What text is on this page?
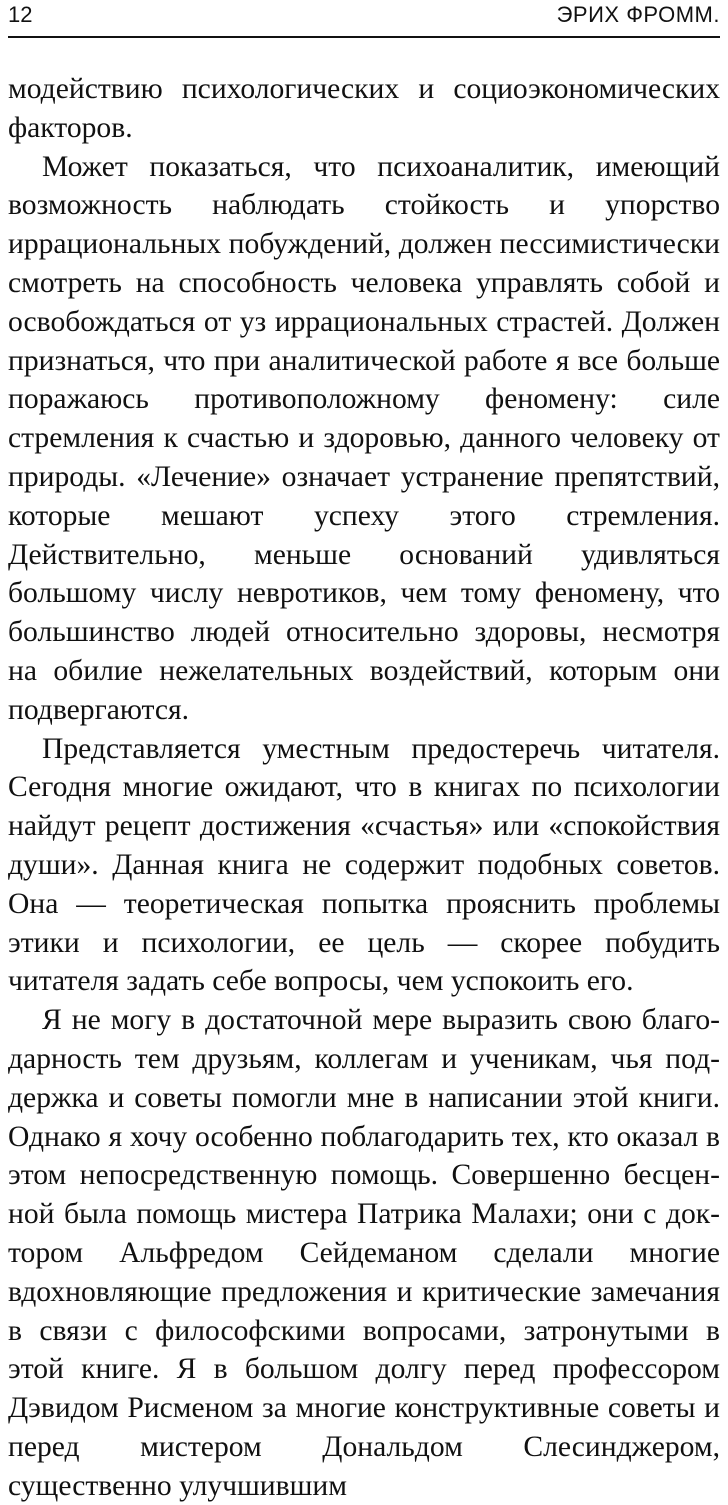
12	ЭРИХ ФРОММ.

модействию психологических и социоэкономических факторов.

Может показаться, что психоаналитик, имеющий возможность наблюдать стойкость и упорство иррациональных побуждений, должен пессимистически смотреть на способность человека управлять собой и освобождаться от уз иррациональных страстей. Должен признаться, что при аналитической работе я все больше поражаюсь противоположному феномену: силе стремления к счастью и здоровью, данного человеку от природы. «Лечение» означает устранение препятствий, которые мешают успеху этого стремления. Действительно, меньше оснований удивляться большому числу невротиков, чем тому феномену, что большинство людей относительно здоровы, несмотря на обилие нежелательных воздействий, которым они подвергаются.

Представляется уместным предостеречь читателя. Сегодня многие ожидают, что в книгах по психологии найдут рецепт достижения «счастья» или «спокойствия души». Данная книга не содержит подобных советов. Она — теоретическая попытка прояснить проблемы этики и психологии, ее цель — скорее побудить читателя задать себе вопросы, чем успокоить его.

Я не могу в достаточной мере выразить свою благодарность тем друзьям, коллегам и ученикам, чья поддержка и советы помогли мне в написании этой книги. Однако я хочу особенно поблагодарить тех, кто оказал в этом непосредственную помощь. Совершенно бесценной была помощь мистера Патрика Малахи; они с доктором Альфредом Сейдеманом сделали многие вдохновляющие предложения и критические замечания в связи с философскими вопросами, затронутыми в этой книге. Я в большом долгу перед профессором Дэвидом Рисменом за многие конструктивные советы и перед мистером Дональдом Слесинджером, существенно улучшившим
